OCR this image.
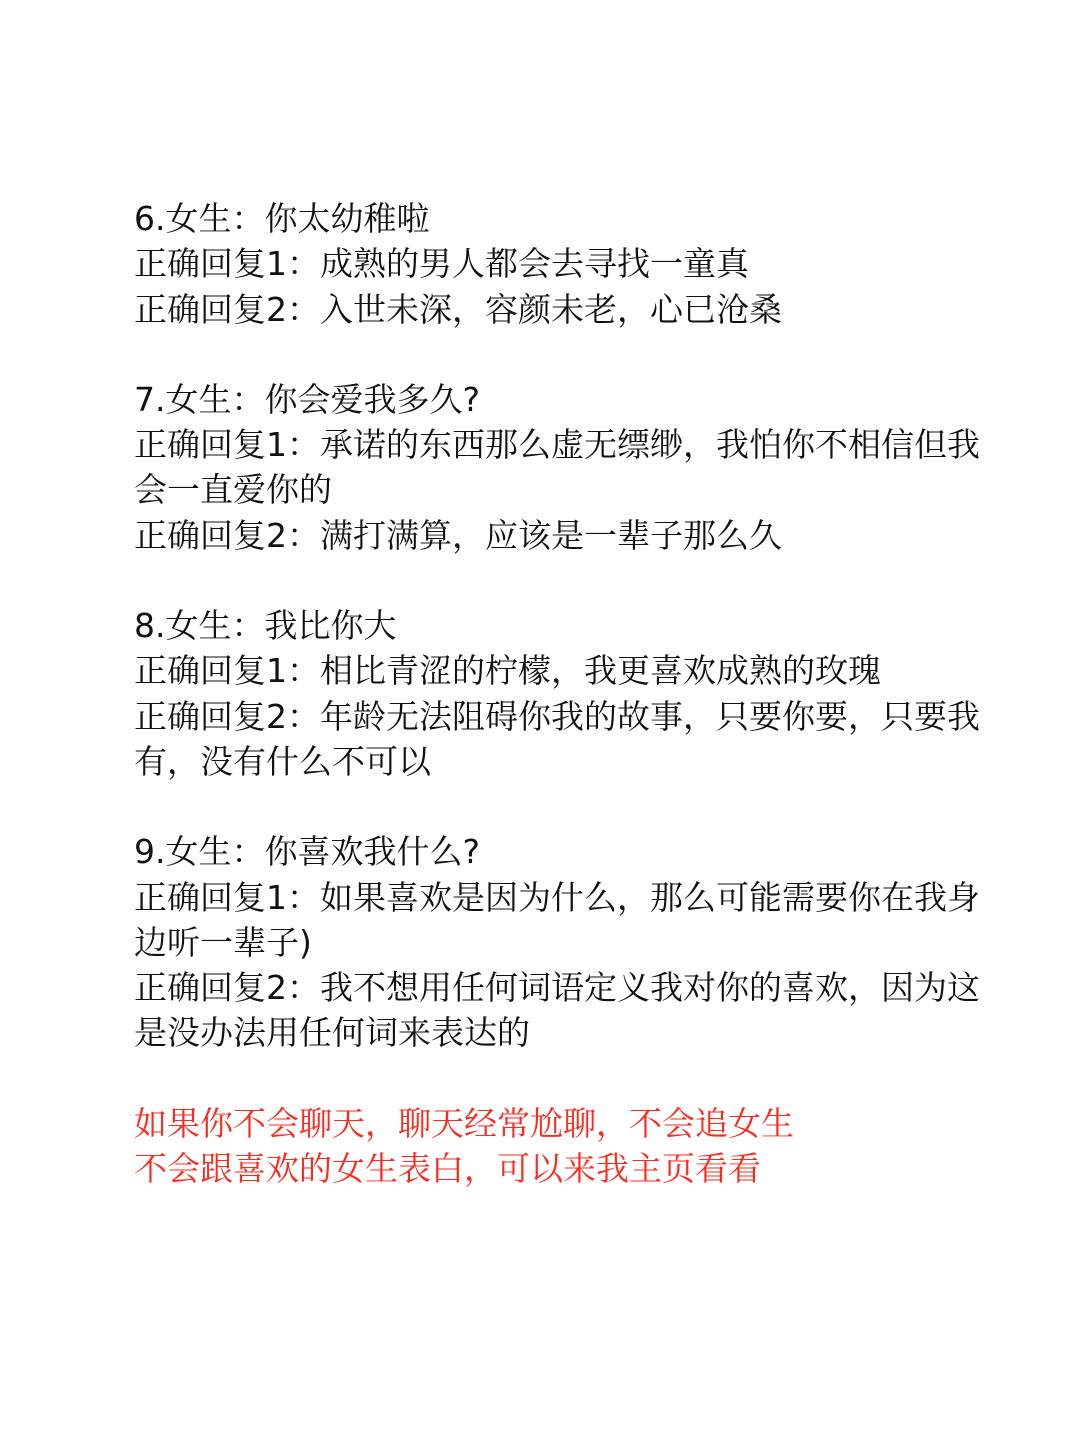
6.女生：你太幼稚啦
正确回复1：成熟的男人都会去寻找一童真
正确回复2：入世未深，容颜未老，心已沧桑
7.女生：你会爱我多久?
正确回复1：承诺的东西那么虚无缥缈，我怕你不相信但我会一直爱你的
正确回复2：满打满算，应该是一辈子那么久
8.女生：我比你大
正确回复1：相比青涩的柠檬，我更喜欢成熟的玫瑰
正确回复2：年龄无法阻碍你我的故事，只要你要，只要我有，没有什么不可以
9.女生：你喜欢我什么?
正确回复1：如果喜欢是因为什么，那么可能需要你在我身边听一辈子)
正确回复2：我不想用任何词语定义我对你的喜欢，因为这是没办法用任何词来表达的
如果你不会聊天，聊天经常尬聊，不会追女生
不会跟喜欢的女生表白，可以来我主页看看
